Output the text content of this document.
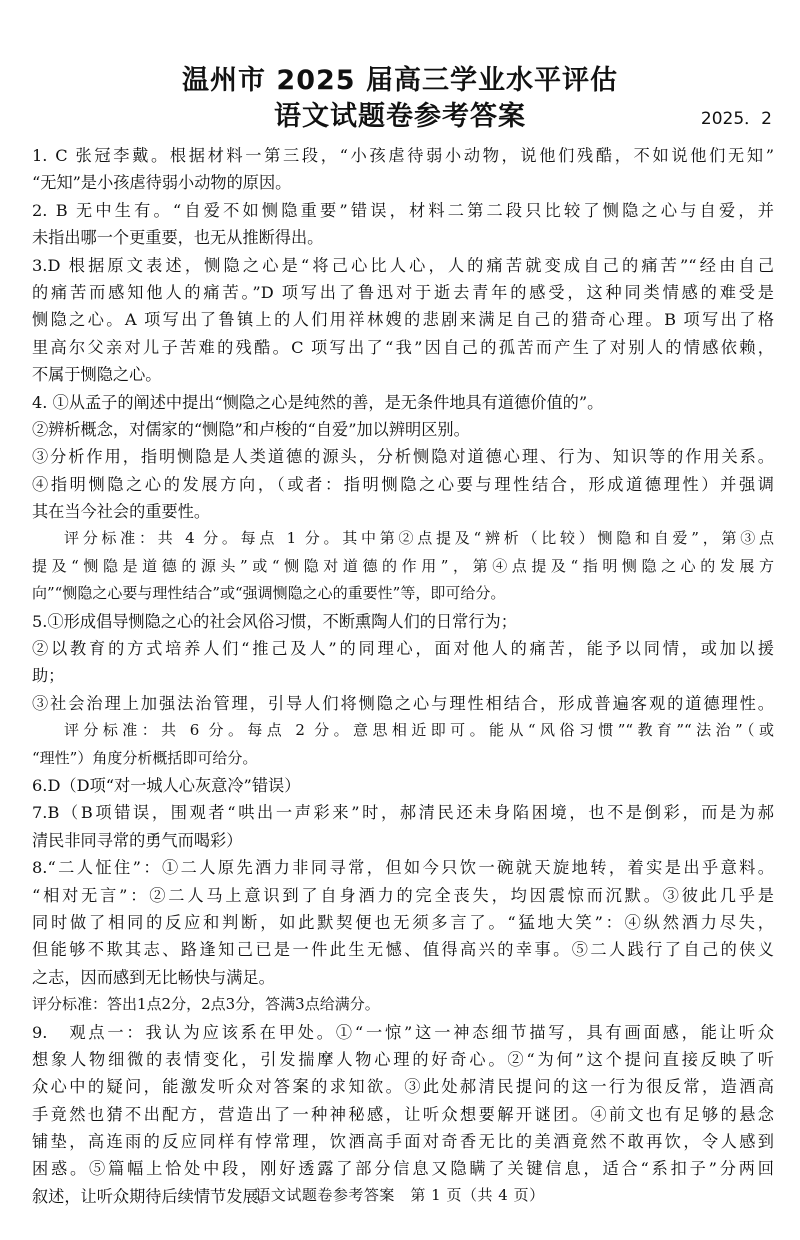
温州市 2025 届高三学业水平评估
语文试题卷参考答案	2025．2
1. C 张冠李戴。根据材料一第三段，“小孩虐待弱小动物，说他们残酷，不如说他们无知”
“无知”是小孩虐待弱小动物的原因。
2. B 无中生有。“自爱不如恻隐重要”错误，材料二第二段只比较了恻隐之心与自爱，并
未指出哪一个更重要，也无从推断得出。
3.D 根据原文表述，恻隐之心是“将己心比人心，人的痛苦就变成自己的痛苦”“经由自己
的痛苦而感知他人的痛苦。”D 项写出了鲁迅对于逝去青年的感受，这种同类情感的难受是
恻隐之心。A 项写出了鲁镇上的人们用祥林嫂的悲剧来满足自己的猎奇心理。B 项写出了格
里高尔父亲对儿子苦难的残酷。C 项写出了“我”因自己的孤苦而产生了对别人的情感依赖，
不属于恻隐之心。
4. ①从孟子的阐述中提出“恻隐之心是纯然的善，是无条件地具有道德价值的”。
②辨析概念，对儒家的“恻隐”和卢梭的“自爱”加以辨明区别。
③分析作用，指明恻隐是人类道德的源头，分析恻隐对道德心理、行为、知识等的作用关系。
④指明恻隐之心的发展方向，（或者：指明恻隐之心要与理性结合，形成道德理性）并强调
其在当今社会的重要性。
评分标准：共 4 分。每点 1 分。其中第②点提及“辨析（比较）恻隐和自爱”，第③点
提及“恻隐是道德的源头”或“恻隐对道德的作用”，第④点提及“指明恻隐之心的发展方
向”“恻隐之心要与理性结合”或“强调恻隐之心的重要性”等，即可给分。
5.①形成倡导恻隐之心的社会风俗习惯，不断熏陶人们的日常行为；
②以教育的方式培养人们“推己及人”的同理心，面对他人的痛苦，能予以同情，或加以援
助；
③社会治理上加强法治管理，引导人们将恻隐之心与理性相结合，形成普遍客观的道德理性。
评分标准：共 6 分。每点 2 分。意思相近即可。能从“风俗习惯”“教育”“法治”（或
“理性”）角度分析概括即可给分。
6.D（D项“对一城人心灰意冷”错误）
7.B（B项错误，围观者“哄出一声彩来”时，郝清民还未身陷困境，也不是倒彩，而是为郝
清民非同寻常的勇气而喝彩）
8.“二人怔住”：①二人原先酒力非同寻常，但如今只饮一碗就天旋地转，着实是出乎意料。
“相对无言”：②二人马上意识到了自身酒力的完全丧失，均因震惊而沉默。③彼此几乎是
同时做了相同的反应和判断，如此默契便也无须多言了。“猛地大笑”：④纵然酒力尽失，
但能够不欺其志、路逢知己已是一件此生无憾、值得高兴的幸事。⑤二人践行了自己的侠义
之志，因而感到无比畅快与满足。
评分标准：答出1点2分，2点3分，答满3点给满分。
9.　观点一：我认为应该系在甲处。①“一惊”这一神态细节描写，具有画面感，能让听众
想象人物细微的表情变化，引发揣摩人物心理的好奇心。②“为何”这个提问直接反映了听
众心中的疑问，能激发听众对答案的求知欲。③此处郝清民提问的这一行为很反常，造酒高
手竟然也猜不出配方，营造出了一种神秘感，让听众想要解开谜团。④前文也有足够的悬念
铺垫，高连雨的反应同样有悖常理，饮酒高手面对奇香无比的美酒竟然不敢再饮，令人感到
困惑。⑤篇幅上恰处中段，刚好透露了部分信息又隐瞒了关键信息，适合“系扣子”分两回
叙述，让听众期待后续情节发展。
语文试题卷参考答案　第 1 页（共 4 页）
